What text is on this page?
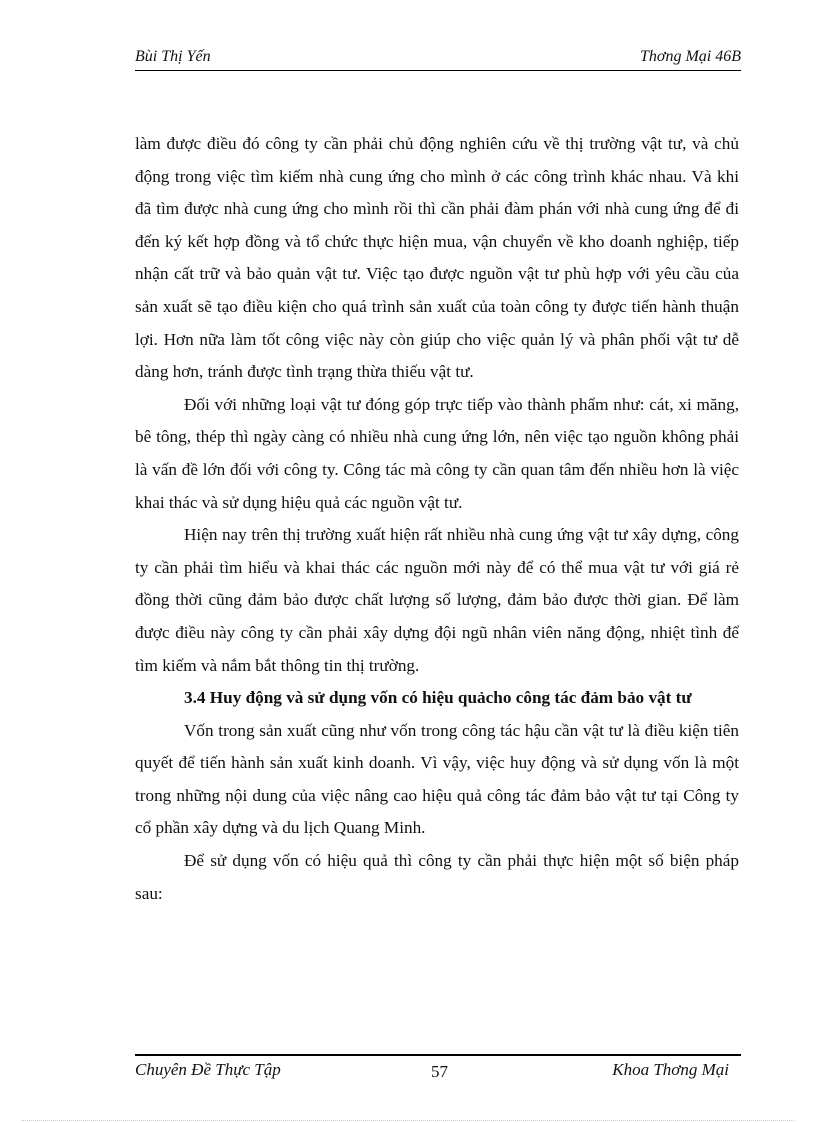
Bùi Thị Yến	Thơng Mại 46B

làm được điều đó công ty cần phải chủ động nghiên cứu về thị trường vật tư, và chủ động trong việc tìm kiếm nhà cung ứng cho mình ở các công trình khác nhau. Và khi đã tìm được nhà cung ứng cho mình rồi thì cần phải đàm phán với nhà cung ứng để đi đến ký kết hợp đồng và tổ chức thực hiện mua, vận chuyển về kho doanh nghiệp, tiếp nhận cất trữ và bảo quản vật tư. Việc tạo được nguồn vật tư phù hợp với yêu cầu của sản xuất sẽ tạo điều kiện cho quá trình sản xuất của toàn công ty được tiến hành thuận lợi. Hơn nữa làm tốt công việc này còn giúp cho việc quản lý và phân phối vật tư dễ dàng hơn, tránh được tình trạng thừa thiếu vật tư.

Đối với những loại vật tư đóng góp trực tiếp vào thành phẩm như: cát, xi măng, bê tông, thép thì ngày càng có nhiều nhà cung ứng lớn, nên việc tạo nguồn không phải là vấn đề lớn đối với công ty. Công tác mà công ty cần quan tâm đến nhiều hơn là việc khai thác và sử dụng hiệu quả các nguồn vật tư.

Hiện nay trên thị trường xuất hiện rất nhiều nhà cung ứng vật tư xây dựng, công ty cần phải tìm hiểu và khai thác các nguồn mới này để có thể mua vật tư với giá rẻ đồng thời cũng đảm bảo được chất lượng số lượng, đảm bảo được thời gian. Để làm được điều này công ty cần phải xây dựng đội ngũ nhân viên năng động, nhiệt tình để tìm kiếm và nắm bắt thông tin thị trường.

3.4 Huy động và sử dụng vốn có hiệu quảcho công tác đảm bảo vật tư

Vốn trong sản xuất cũng như vốn trong công tác hậu cần vật tư là điều kiện tiên quyết để tiến hành sản xuất kinh doanh. Vì vậy, việc huy động và sử dụng vốn là một trong những nội dung của việc nâng cao hiệu quả công tác đảm bảo vật tư tại Công ty cổ phần xây dựng và du lịch Quang Minh.

Để sử dụng vốn có hiệu quả thì công ty cần phải thực hiện một số biện pháp sau:

Chuyên Đề Thực Tập	57	Khoa Thơng Mại
